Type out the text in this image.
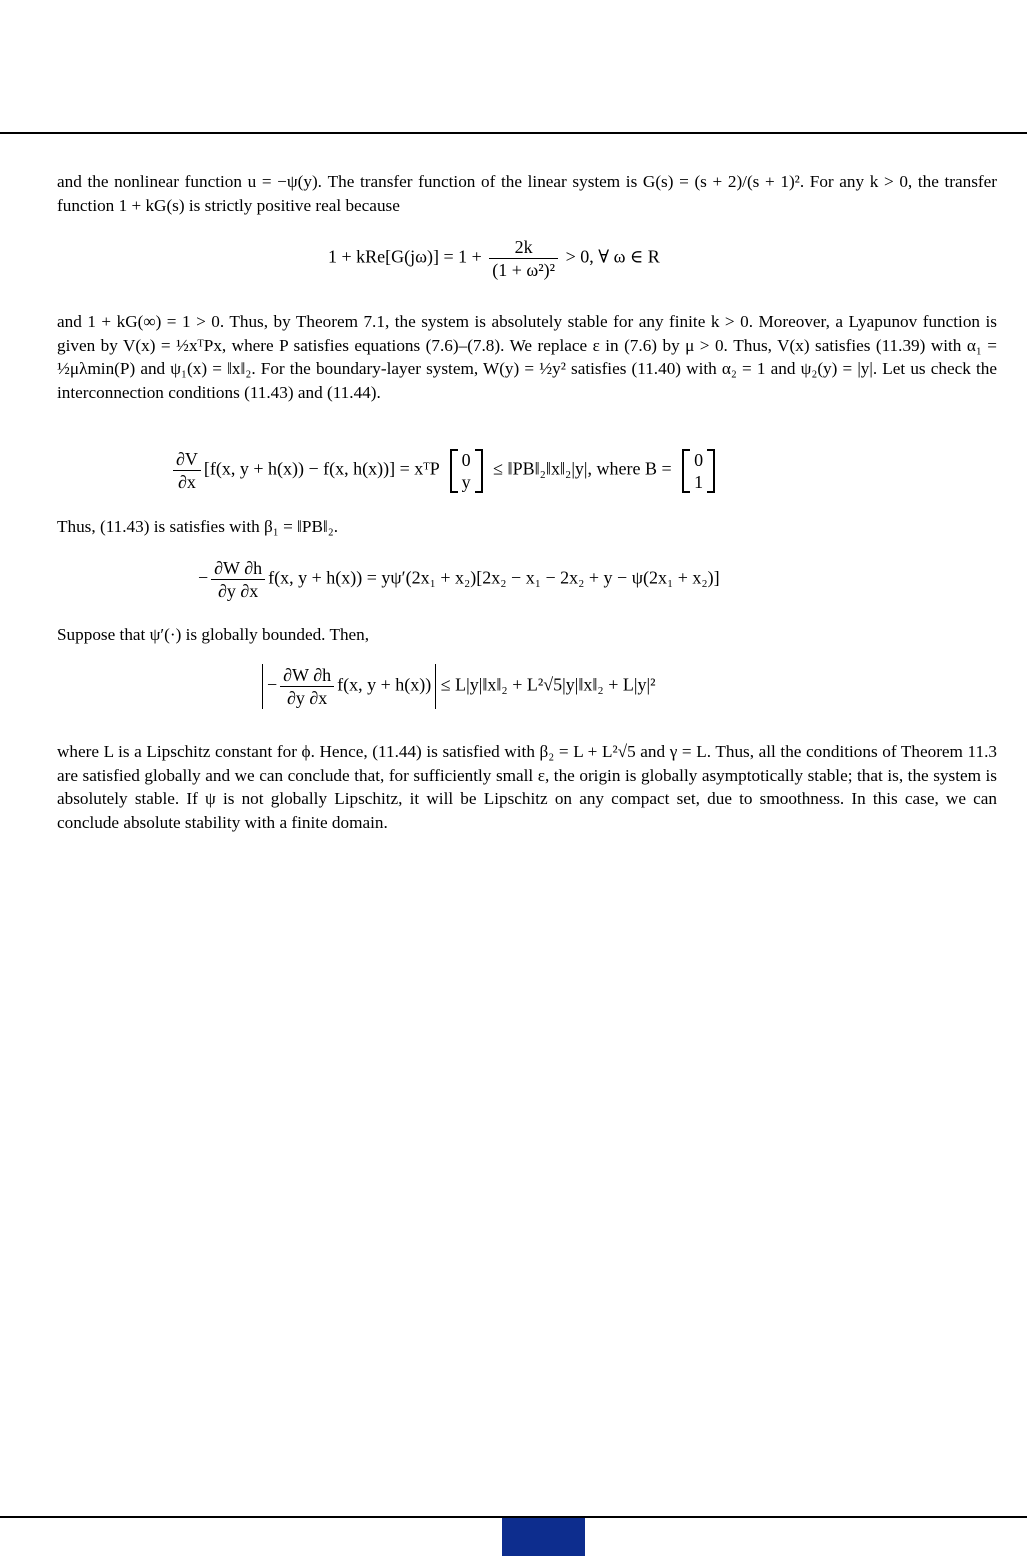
and the nonlinear function u = −ψ(y). The transfer function of the linear system is G(s) = (s + 2)/(s + 1)². For any k > 0, the transfer function 1 + kG(s) is strictly positive real because

$1 + kRe[G(j\omega)] = 1 + \frac{2k}{\text{(1 + ω²)²}} > 0$, ∀ ω ∈ R

and 1 + kG(∞) = 1 > 0. Thus, by Theorem 7.1, the system is absolutely stable for any finite k > 0. Moreover, a Lyapunov function is given by V(x) = ½xᵀPx, where P satisfies equations (7.6)–(7.8). We replace ε in (7.6) by μ > 0. Thus, V(x) satisfies (11.39) with α₁ = ½μλmin(P) and ψ₁(x) = ‖x‖₂. For the boundary-layer system, W(y) = ½y² satisfies (11.40) with α₂ = 1 and ψ₂(y) = |y|. Let us check the interconnection conditions (11.43) and (11.44).

$\frac{\partial V}{\partial x} [f(x$, y + h(x)) − f(x, h(x))] = xᵀP 0
y
≤ ‖PB‖₂‖x‖₂|y|, where B = 0
1

Thus, (11.43) is satisfies with β₁ = ‖PB‖₂.

− $\frac{\partial W \partial h}{\partial y \partial x} f(x$, y + h(x)) = yψ′(2x₁ + x₂)[2x₂ − x₁ − 2x₂ + y − ψ(2x₁ + x₂)]

Suppose that ψ′(·) is globally bounded. Then,

− $\frac{\partial W \partial h}{\partial y \partial x} f(x$, y + h(x)) ≤ L|y|‖x‖₂ + L²√5|y|‖x‖₂ + L|y|²

where L is a Lipschitz constant for ϕ. Hence, (11.44) is satisfied with β₂ = L + L²√5 and γ = L. Thus, all the conditions of Theorem 11.3 are satisfied globally and we can conclude that, for sufficiently small ε, the origin is globally asymptotically stable; that is, the system is absolutely stable. If ψ is not globally Lipschitz, it will be Lipschitz on any compact set, due to smoothness. In this case, we can conclude absolute stability with a finite domain.
